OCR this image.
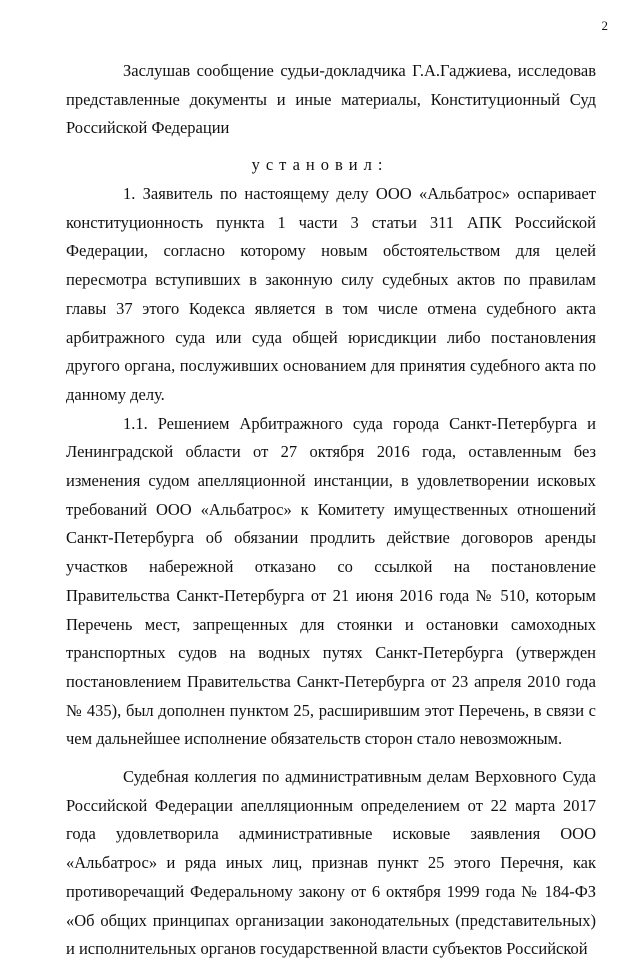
2

Заслушав сообщение судьи-докладчика Г.А.Гаджиева, исследовав представленные документы и иные материалы, Конституционный Суд Российской Федерации

установил:

1. Заявитель по настоящему делу ООО «Альбатрос» оспаривает конституционность пункта 1 части 3 статьи 311 АПК Российской Федерации, согласно которому новым обстоятельством для целей пересмотра вступивших в законную силу судебных актов по правилам главы 37 этого Кодекса является в том числе отмена судебного акта арбитражного суда или суда общей юрисдикции либо постановления другого органа, послуживших основанием для принятия судебного акта по данному делу.

1.1. Решением Арбитражного суда города Санкт-Петербурга и Ленинградской области от 27 октября 2016 года, оставленным без изменения судом апелляционной инстанции, в удовлетворении исковых требований ООО «Альбатрос» к Комитету имущественных отношений Санкт-Петербурга об обязании продлить действие договоров аренды участков набережной отказано со ссылкой на постановление Правительства Санкт-Петербурга от 21 июня 2016 года № 510, которым Перечень мест, запрещенных для стоянки и остановки самоходных транспортных судов на водных путях Санкт-Петербурга (утвержден постановлением Правительства Санкт-Петербурга от 23 апреля 2010 года № 435), был дополнен пунктом 25, расширившим этот Перечень, в связи с чем дальнейшее исполнение обязательств сторон стало невозможным.

Судебная коллегия по административным делам Верховного Суда Российской Федерации апелляционным определением от 22 марта 2017 года удовлетворила административные исковые заявления ООО «Альбатрос» и ряда иных лиц, признав пункт 25 этого Перечня, как противоречащий Федеральному закону от 6 октября 1999 года № 184-ФЗ «Об общих принципах организации законодательных (представительных) и исполнительных органов государственной власти субъектов Российской
